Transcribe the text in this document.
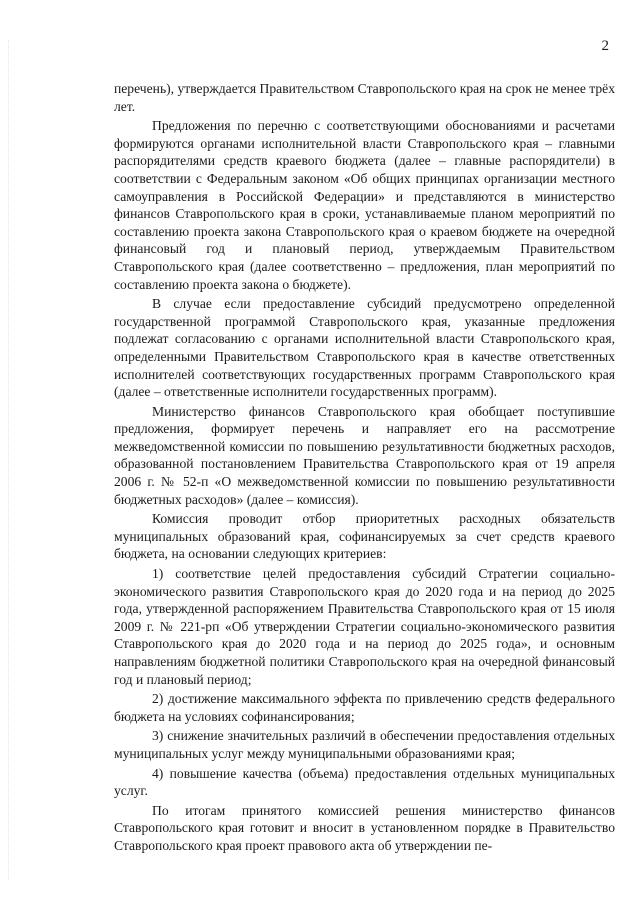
2

перечень), утверждается Правительством Ставропольского края на срок не менее трёх лет.

Предложения по перечню с соответствующими обоснованиями и расчетами формируются органами исполнительной власти Ставропольского края – главными распорядителями средств краевого бюджета (далее – главные распорядители) в соответствии с Федеральным законом «Об общих принципах организации местного самоуправления в Российской Федерации» и представляются в министерство финансов Ставропольского края в сроки, устанавливаемые планом мероприятий по составлению проекта закона Ставропольского края о краевом бюджете на очередной финансовый год и плановый период, утверждаемым Правительством Ставропольского края (далее соответственно – предложения, план мероприятий по составлению проекта закона о бюджете).

В случае если предоставление субсидий предусмотрено определенной государственной программой Ставропольского края, указанные предложения подлежат согласованию с органами исполнительной власти Ставропольского края, определенными Правительством Ставропольского края в качестве ответственных исполнителей соответствующих государственных программ Ставропольского края (далее – ответственные исполнители государственных программ).

Министерство финансов Ставропольского края обобщает поступившие предложения, формирует перечень и направляет его на рассмотрение межведомственной комиссии по повышению результативности бюджетных расходов, образованной постановлением Правительства Ставропольского края от 19 апреля 2006 г. № 52-п «О межведомственной комиссии по повышению результативности бюджетных расходов» (далее – комиссия).

Комиссия проводит отбор приоритетных расходных обязательств муниципальных образований края, софинансируемых за счет средств краевого бюджета, на основании следующих критериев:

1) соответствие целей предоставления субсидий Стратегии социально-экономического развития Ставропольского края до 2020 года и на период до 2025 года, утвержденной распоряжением Правительства Ставропольского края от 15 июля 2009 г. № 221-рп «Об утверждении Стратегии социально-экономического развития Ставропольского края до 2020 года и на период до 2025 года», и основным направлениям бюджетной политики Ставропольского края на очередной финансовый год и плановый период;

2) достижение максимального эффекта по привлечению средств федерального бюджета на условиях софинансирования;

3) снижение значительных различий в обеспечении предоставления отдельных муниципальных услуг между муниципальными образованиями края;

4) повышение качества (объема) предоставления отдельных муниципальных услуг.

По итогам принятого комиссией решения министерство финансов Ставропольского края готовит и вносит в установленном порядке в Правительство Ставропольского края проект правового акта об утверждении пе-
